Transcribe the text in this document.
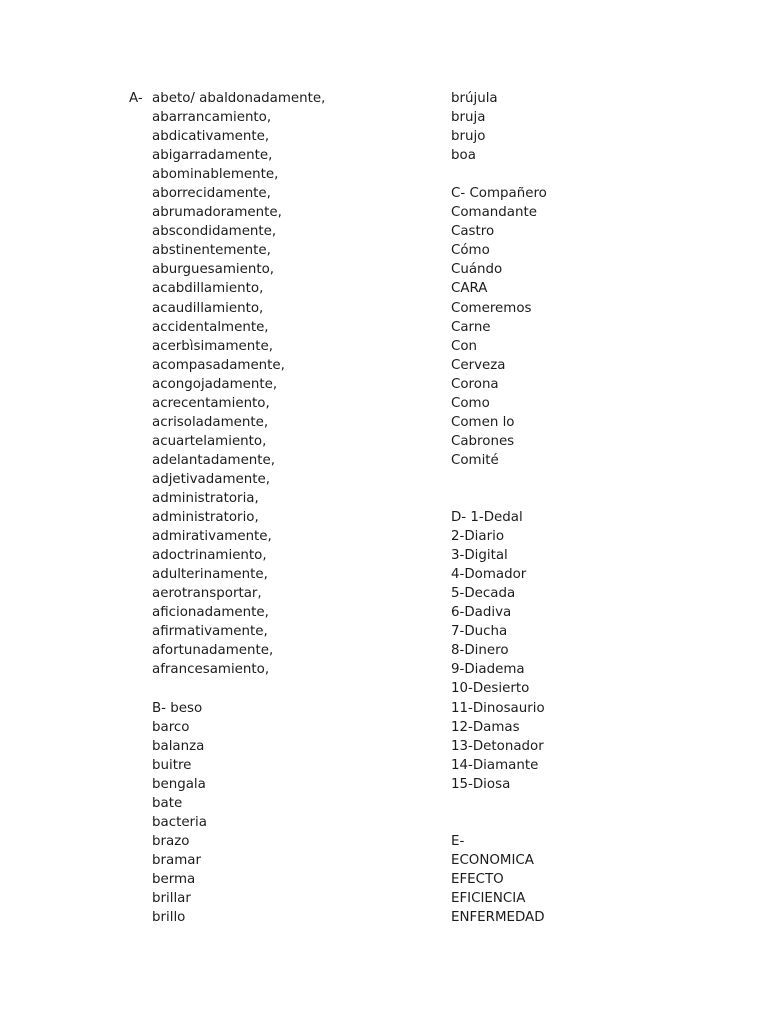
A- abeto/ abaldonadamente,
abarrancamiento,
abdicativamente,
abigarradamente,
abominablemente,
aborrecidamente,
abrumadoramente,
abscondidamente,
abstinentemente,
aburguesamiento,
acabdillamiento,
acaudillamiento,
accidentalmente,
acerbìsimamente,
acompasadamente,
acongojadamente,
acrecentamiento,
acrisoladamente,
acuartelamiento,
adelantadamente,
adjetivadamente,
administratoria,
administratorio,
admirativamente,
adoctrinamiento,
adulterinamente,
aerotransportar,
aficionadamente,
afirmativamente,
afortunadamente,
afrancesamiento,
B- beso
barco
balanza
buitre
bengala
bate
bacteria
brazo
bramar
berma
brillar
brillo
brújula
bruja
brujo
boa
C- Compañero
Comandante
Castro
Cómo
Cuándo
CARA
Comeremos
Carne
Con
Cerveza
Corona
Como
Comen lo
Cabrones
Comité
D- 1-Dedal
2-Diario
3-Digital
4-Domador
5-Decada
6-Dadiva
7-Ducha
8-Dinero
9-Diadema
10-Desierto
11-Dinosaurio
12-Damas
13-Detonador
14-Diamante
15-Diosa
E-
ECONOMICA
EFECTO
EFICIENCIA
ENFERMEDAD
